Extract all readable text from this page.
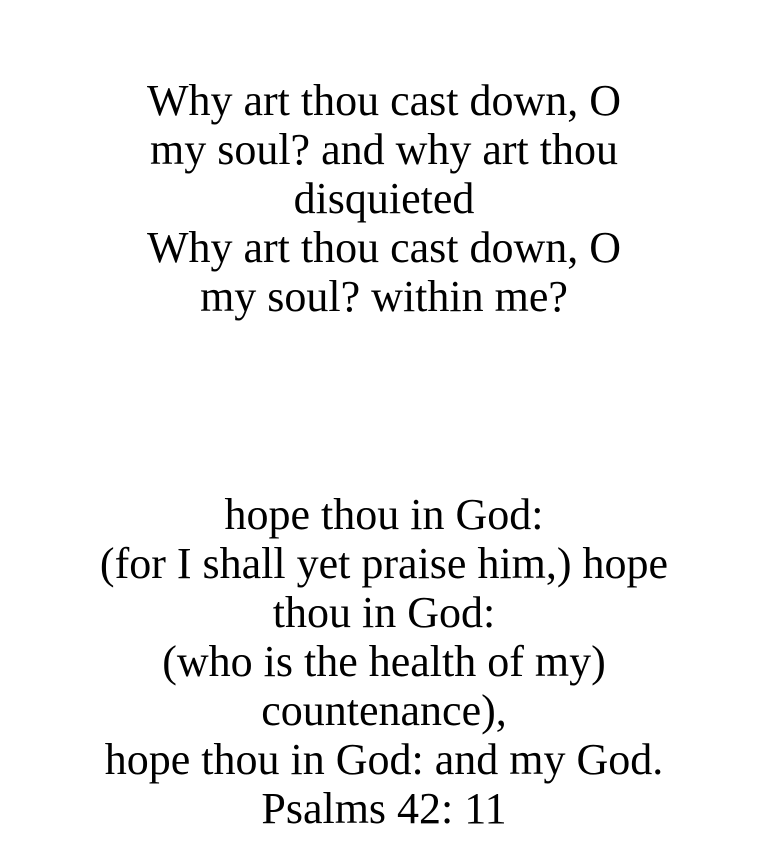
Why art thou cast down, O
my soul? and why art thou
disquieted
Why art thou cast down, O
my soul? within me?
hope thou in God:
(for I shall yet praise him,) hope
thou in God:
(who is the health of my)
countenance),
hope thou in God: and my God.
Psalms 42: 11
